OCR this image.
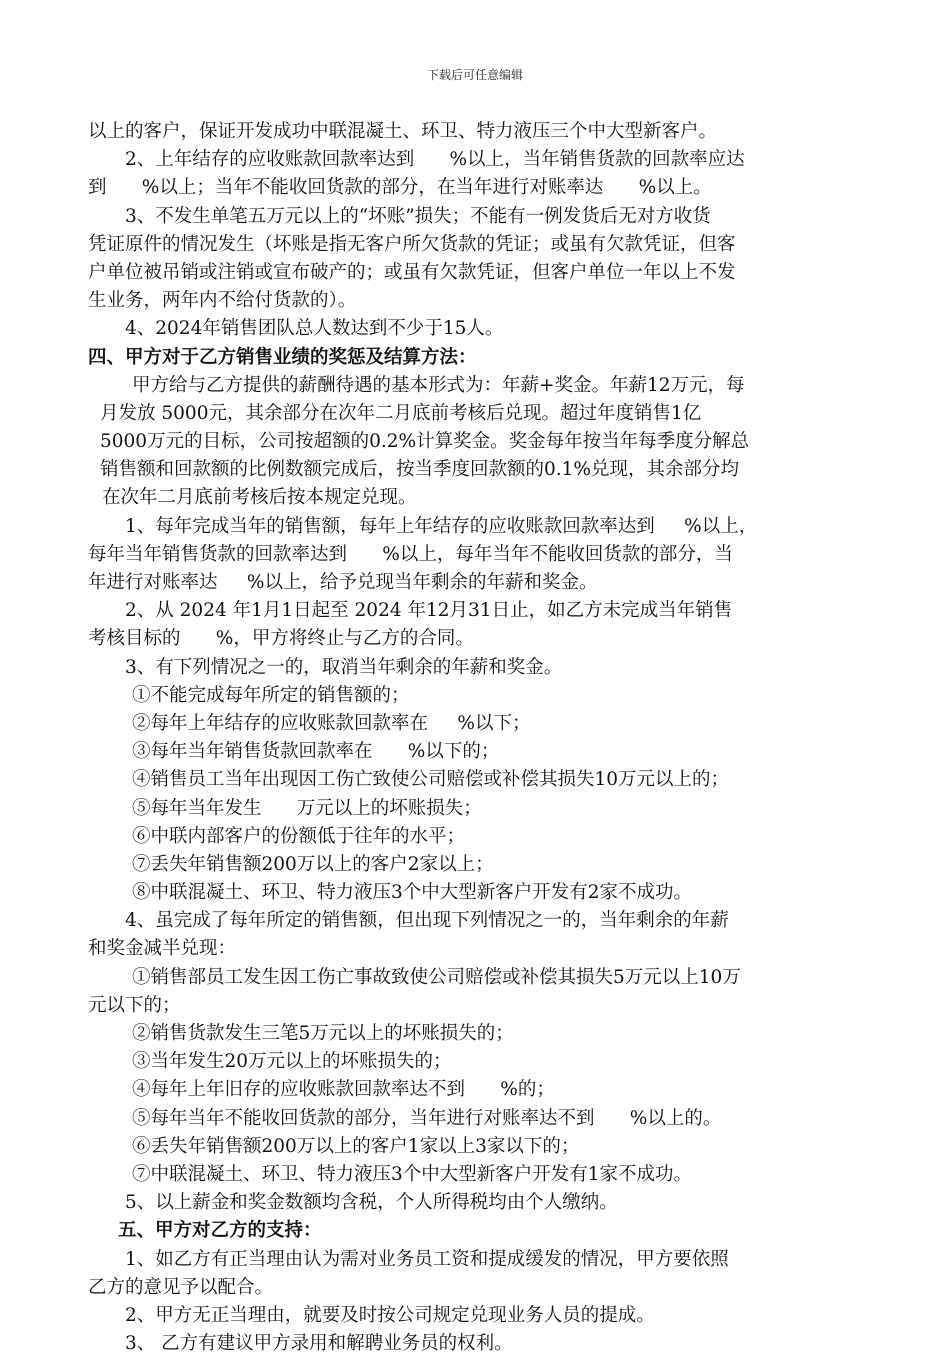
下载后可任意编辑
以上的客户，保证开发成功中联混凝土、环卫、特力液压三个中大型新客户。
2、上年结存的应收账款回款率达到      %以上，当年销售货款的回款率应达
到      %以上；当年不能收回货款的部分，在当年进行对账率达      %以上。
3、不发生单笔五万元以上的“坏账”损失；不能有一例发货后无对方收货
凭证原件的情况发生（坏账是指无客户所欠货款的凭证；或虽有欠款凭证，但客
户单位被吊销或注销或宣布破产的；或虽有欠款凭证，但客户单位一年以上不发
生业务，两年内不给付货款的）。
4、2024年销售团队总人数达到不少于15人。
四、甲方对于乙方销售业绩的奖惩及结算方法：
甲方给与乙方提供的薪酬待遇的基本形式为：年薪+奖金。年薪12万元，每
月发放 5000元，其余部分在次年二月底前考核后兑现。超过年度销售1亿
5000万元的目标，公司按超额的0.2%计算奖金。奖金每年按当年每季度分解总
销售额和回款额的比例数额完成后，按当季度回款额的0.1%兑现，其余部分均
在次年二月底前考核后按本规定兑现。
1、每年完成当年的销售额，每年上年结存的应收账款回款率达到     %以上，
每年当年销售货款的回款率达到      %以上，每年当年不能收回货款的部分，当
年进行对账率达     %以上，给予兑现当年剩余的年薪和奖金。
2、从 2024 年1月1日起至 2024 年12月31日止，如乙方未完成当年销售
考核目标的      %，甲方将终止与乙方的合同。
3、有下列情况之一的，取消当年剩余的年薪和奖金。
①不能完成每年所定的销售额的；
②每年上年结存的应收账款回款率在     %以下；
③每年当年销售货款回款率在      %以下的；
④销售员工当年出现因工伤亡致使公司赔偿或补偿其损失10万元以上的；
⑤每年当年发生      万元以上的坏账损失；
⑥中联内部客户的份额低于往年的水平；
⑦丢失年销售额200万以上的客户2家以上；
⑧中联混凝土、环卫、特力液压3个中大型新客户开发有2家不成功。
4、虽完成了每年所定的销售额，但出现下列情况之一的，当年剩余的年薪
和奖金减半兑现：
①销售部员工发生因工伤亡事故致使公司赔偿或补偿其损失5万元以上10万
元以下的；
②销售货款发生三笔5万元以上的坏账损失的；
③当年发生20万元以上的坏账损失的；
④每年上年旧存的应收账款回款率达不到      %的；
⑤每年当年不能收回货款的部分，当年进行对账率达不到      %以上的。
⑥丢失年销售额200万以上的客户1家以上3家以下的；
⑦中联混凝土、环卫、特力液压3个中大型新客户开发有1家不成功。
5、以上薪金和奖金数额均含税，个人所得税均由个人缴纳。
五、甲方对乙方的支持：
1、如乙方有正当理由认为需对业务员工资和提成缓发的情况，甲方要依照
乙方的意见予以配合。
2、甲方无正当理由，就要及时按公司规定兑现业务人员的提成。
3、 乙方有建议甲方录用和解聘业务员的权利。
